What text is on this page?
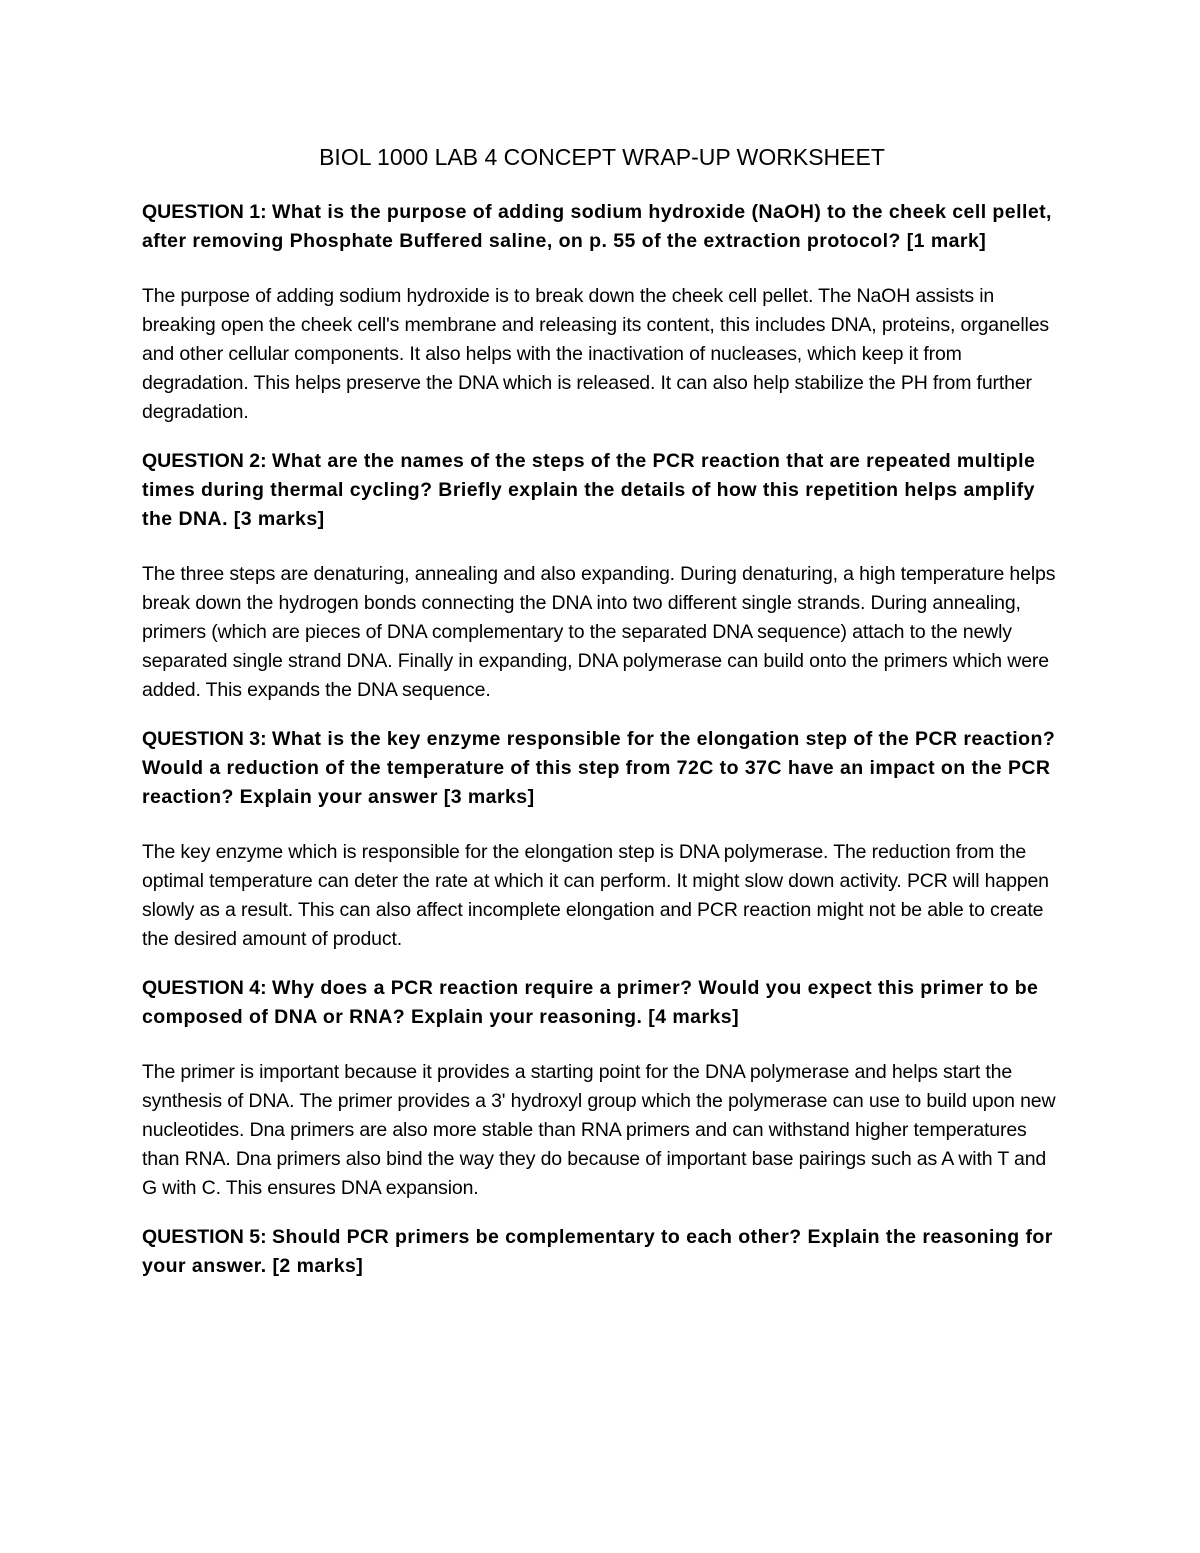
BIOL 1000 LAB 4 CONCEPT WRAP-UP WORKSHEET

QUESTION 1: What is the purpose of adding sodium hydroxide (NaOH) to the cheek cell pellet, after removing Phosphate Buffered saline, on p. 55 of the extraction protocol? [1 mark]

The purpose of adding sodium hydroxide is to break down the cheek cell pellet. The NaOH assists in breaking open the cheek cell's membrane and releasing its content, this includes DNA, proteins, organelles and other cellular components. It also helps with the inactivation of nucleases, which keep it from degradation. This helps preserve the DNA which is released. It can also help stabilize the PH from further degradation.

QUESTION 2: What are the names of the steps of the PCR reaction that are repeated multiple times during thermal cycling? Briefly explain the details of how this repetition helps amplify the DNA. [3 marks]

The three steps are denaturing, annealing and also expanding. During denaturing, a high temperature helps break down the hydrogen bonds connecting the DNA into two different single strands. During annealing, primers (which are pieces of DNA complementary to the separated DNA sequence) attach to the newly separated single strand DNA. Finally in expanding, DNA polymerase can build onto the primers which were added. This expands the DNA sequence.

QUESTION 3: What is the key enzyme responsible for the elongation step of the PCR reaction? Would a reduction of the temperature of this step from 72C to 37C have an impact on the PCR reaction? Explain your answer [3 marks]

The key enzyme which is responsible for the elongation step is DNA polymerase. The reduction from the optimal temperature can deter the rate at which it can perform. It might slow down activity. PCR will happen slowly as a result. This can also affect incomplete elongation and PCR reaction might not be able to create the desired amount of product.

QUESTION 4: Why does a PCR reaction require a primer? Would you expect this primer to be composed of DNA or RNA? Explain your reasoning. [4 marks]

The primer is important because it provides a starting point for the DNA polymerase and helps start the synthesis of DNA. The primer provides a 3' hydroxyl group which the polymerase can use to build upon new nucleotides. Dna primers are also more stable than RNA primers and can withstand higher temperatures than RNA. Dna primers also bind the way they do because of important base pairings such as A with T and G with C. This ensures DNA expansion.

QUESTION 5: Should PCR primers be complementary to each other? Explain the reasoning for your answer. [2 marks]
